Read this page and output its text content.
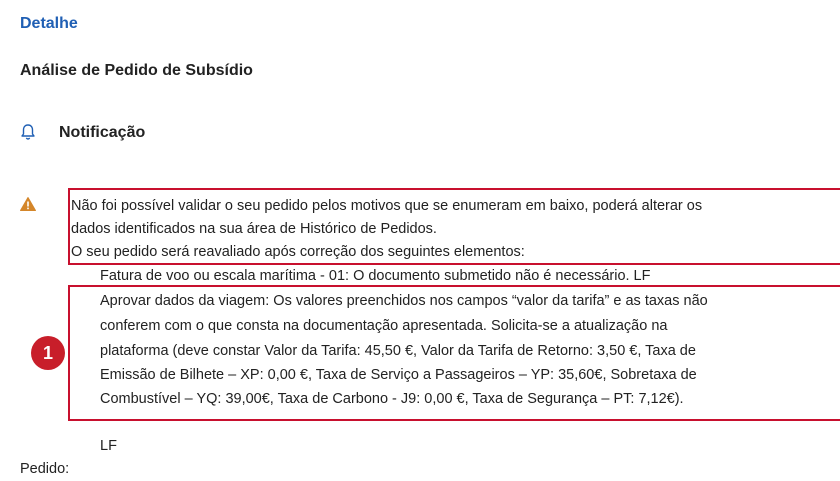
Detalhe
Análise de Pedido de Subsídio
Notificação
Não foi possível validar o seu pedido pelos motivos que se enumeram em baixo, poderá alterar os
dados identificados na sua área de Histórico de Pedidos.
O seu pedido será reavaliado após correção dos seguintes elementos:
Fatura de voo ou escala marítima - 01: O documento submetido não é necessário. LF
Aprovar dados da viagem: Os valores preenchidos nos campos “valor da tarifa” e as taxas não
conferem com o que consta na documentação apresentada. Solicita-se a atualização na
plataforma (deve constar Valor da Tarifa: 45,50 €, Valor da Tarifa de Retorno: 3,50 €, Taxa de
Emissão de Bilhete – XP: 0,00 €, Taxa de Serviço a Passageiros – YP: 35,60€, Sobretaxa de
Combustível – YQ: 39,00€, Taxa de Carbono - J9: 0,00 €, Taxa de Segurança – PT: 7,12€).
LF
Pedido:
1
